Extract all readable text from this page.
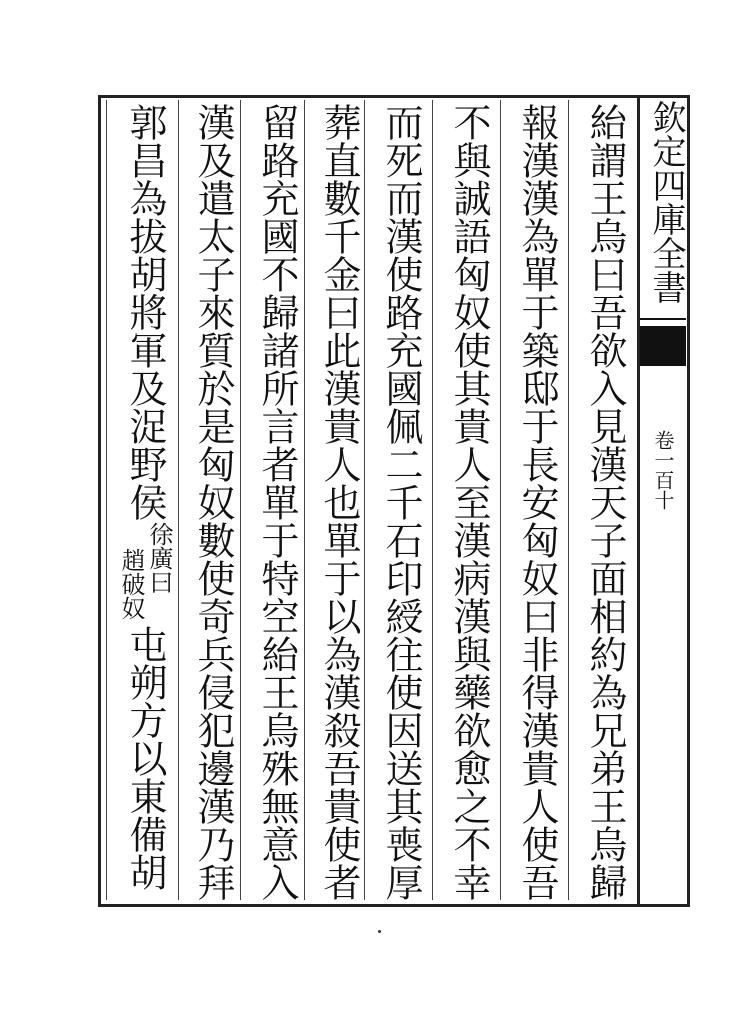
欽定四庫全書
卷一百十
紿謂王烏曰吾欲入見漢天子面相約為兄弟王烏歸
報漢漢為單于築邸于長安匈奴曰非得漢貴人使吾
不與誠語匈奴使其貴人至漢病漢與藥欲愈之不幸
而死而漢使路充國佩二千石印綬往使因送其喪厚
葬直數千金曰此漢貴人也單于以為漢殺吾貴使者
留路充國不歸諸所言者單于特空紿王烏殊無意入
漢及遣太子來質於是匈奴數使奇兵侵犯邊漢乃拜
郭昌為拔胡將軍及浞野侯
徐廣曰
趙破奴
屯朔方以東備胡
